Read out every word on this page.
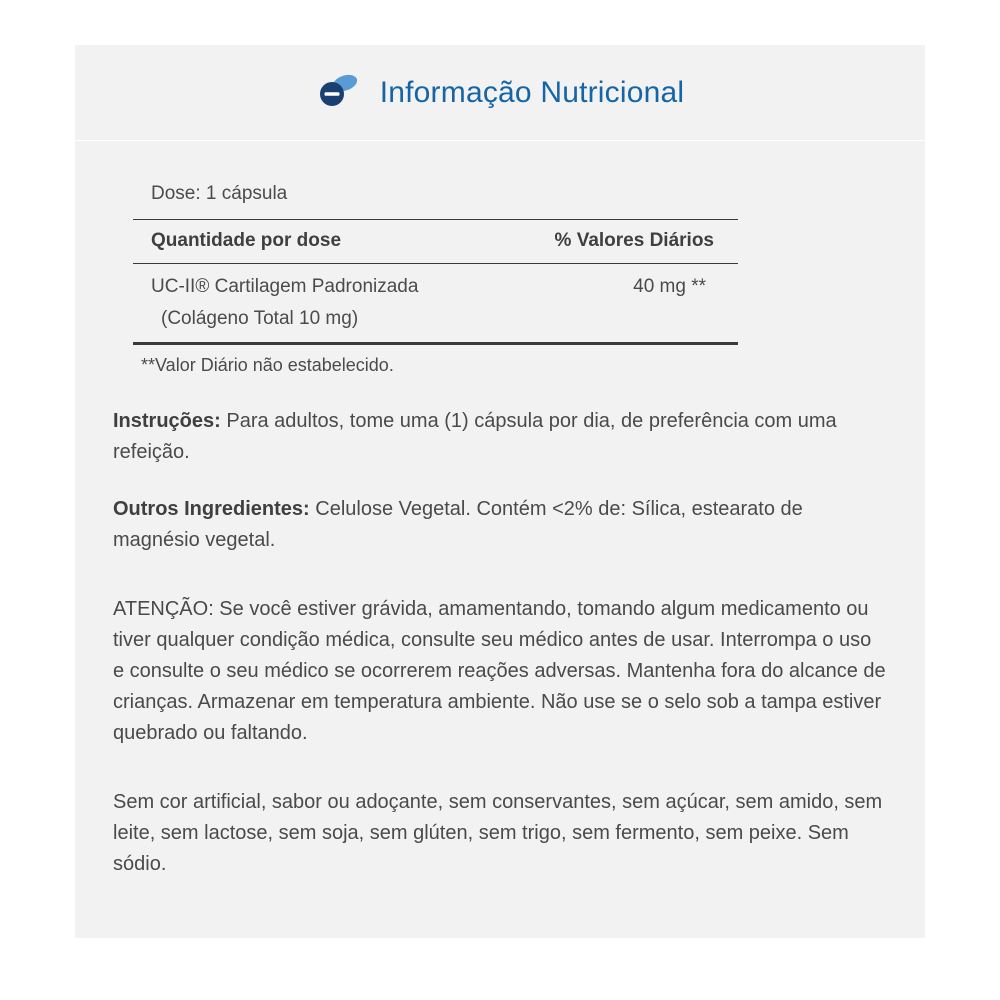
Informação Nutricional
Dose: 1 cápsula
Quantidade por dose	% Valores Diários
UC-II® Cartilagem Padronizada	40 mg **
(Colágeno Total 10 mg)
**Valor Diário não estabelecido.

Instruções: Para adultos, tome uma (1) cápsula por dia, de preferência com uma refeição.

Outros Ingredientes: Celulose Vegetal. Contém <2% de: Sílica, estearato de magnésio vegetal.

ATENÇÃO: Se você estiver grávida, amamentando, tomando algum medicamento ou tiver qualquer condição médica, consulte seu médico antes de usar. Interrompa o uso e consulte o seu médico se ocorrerem reações adversas. Mantenha fora do alcance de crianças. Armazenar em temperatura ambiente. Não use se o selo sob a tampa estiver quebrado ou faltando.

Sem cor artificial, sabor ou adoçante, sem conservantes, sem açúcar, sem amido, sem leite, sem lactose, sem soja, sem glúten, sem trigo, sem fermento, sem peixe. Sem sódio.
